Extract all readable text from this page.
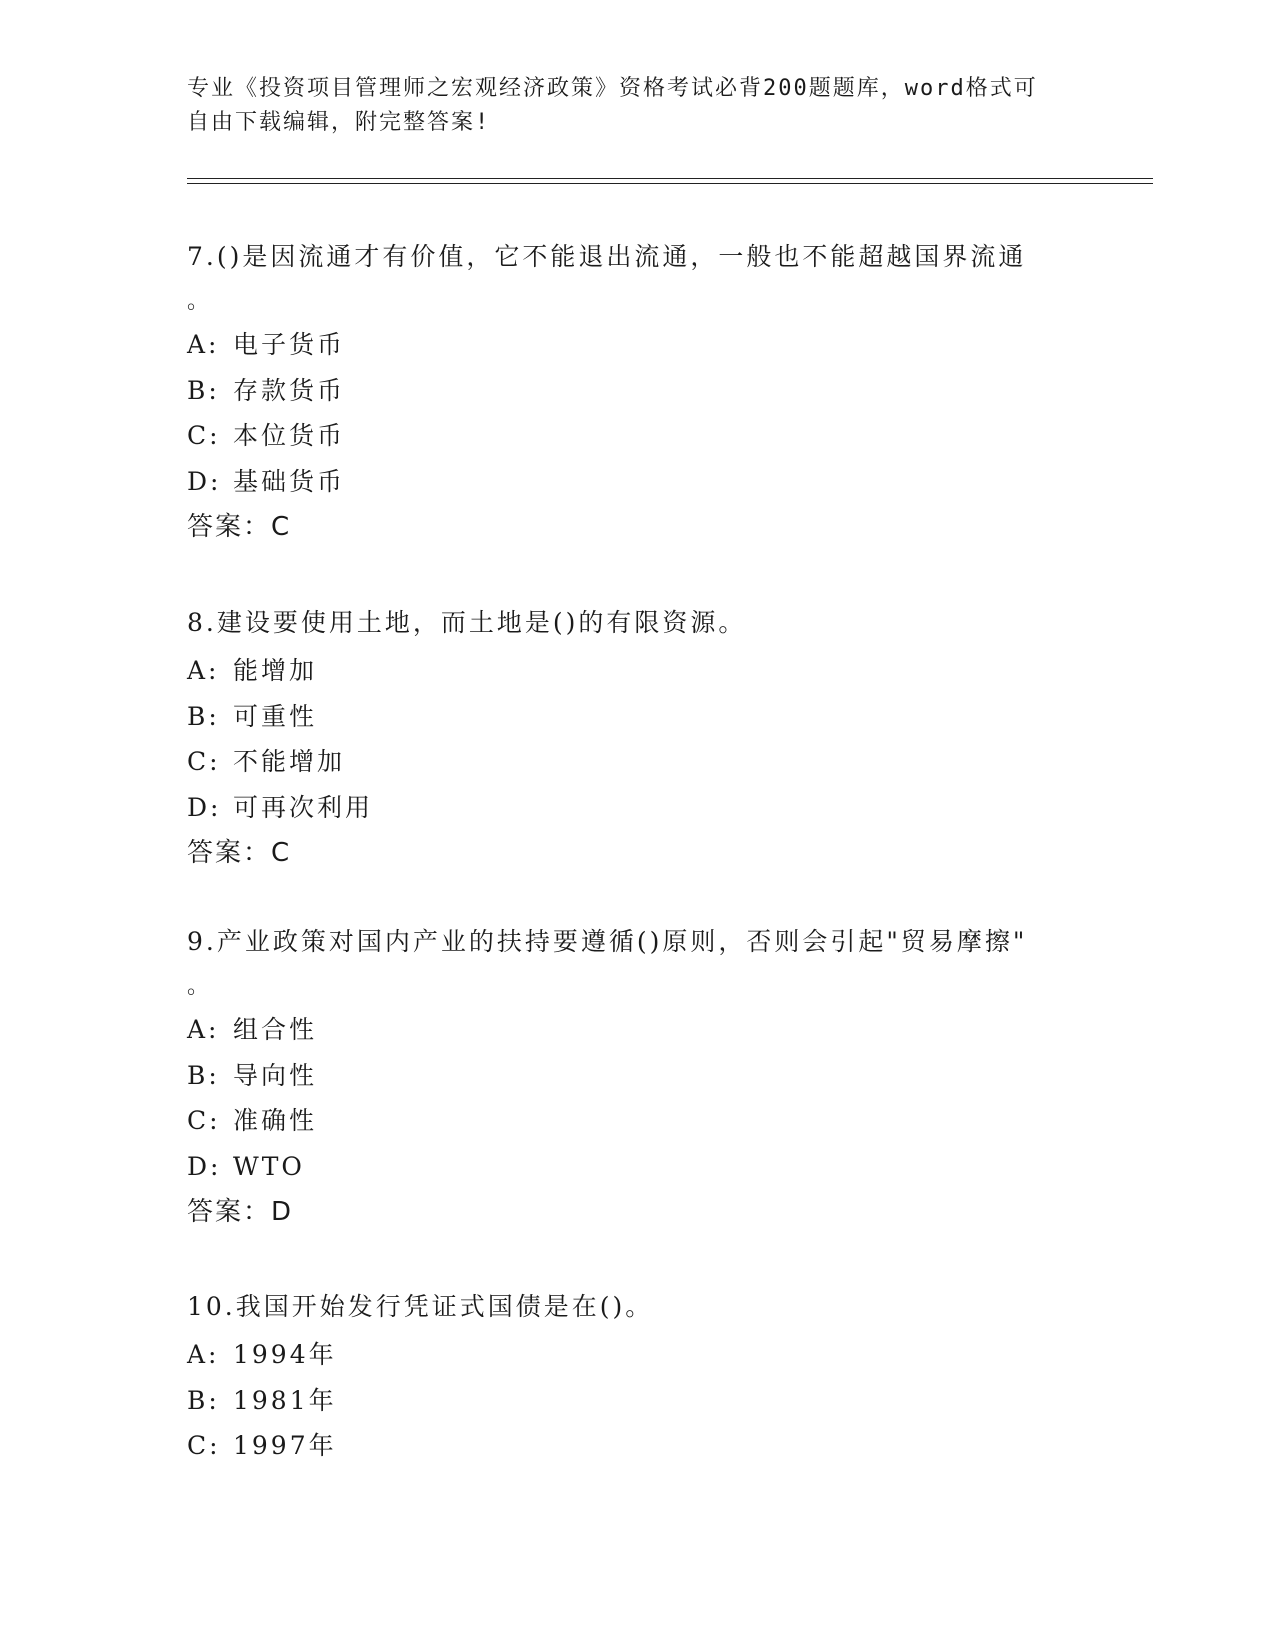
专业《投资项目管理师之宏观经济政策》资格考试必背200题题库，word格式可
自由下载编辑，附完整答案!

7.()是因流通才有价值，它不能退出流通，一般也不能超越国界流通

。

A: 电子货币

B: 存款货币

C: 本位货币

D: 基础货币

答案：C

8.建设要使用土地，而土地是()的有限资源。

A: 能增加

B: 可重性

C: 不能增加

D: 可再次利用

答案：C

9.产业政策对国内产业的扶持要遵循()原则，否则会引起"贸易摩擦"

。

A: 组合性

B: 导向性

C: 准确性

D: WTO

答案：D

10.我国开始发行凭证式国债是在()。

A: 1994年

B: 1981年

C: 1997年
